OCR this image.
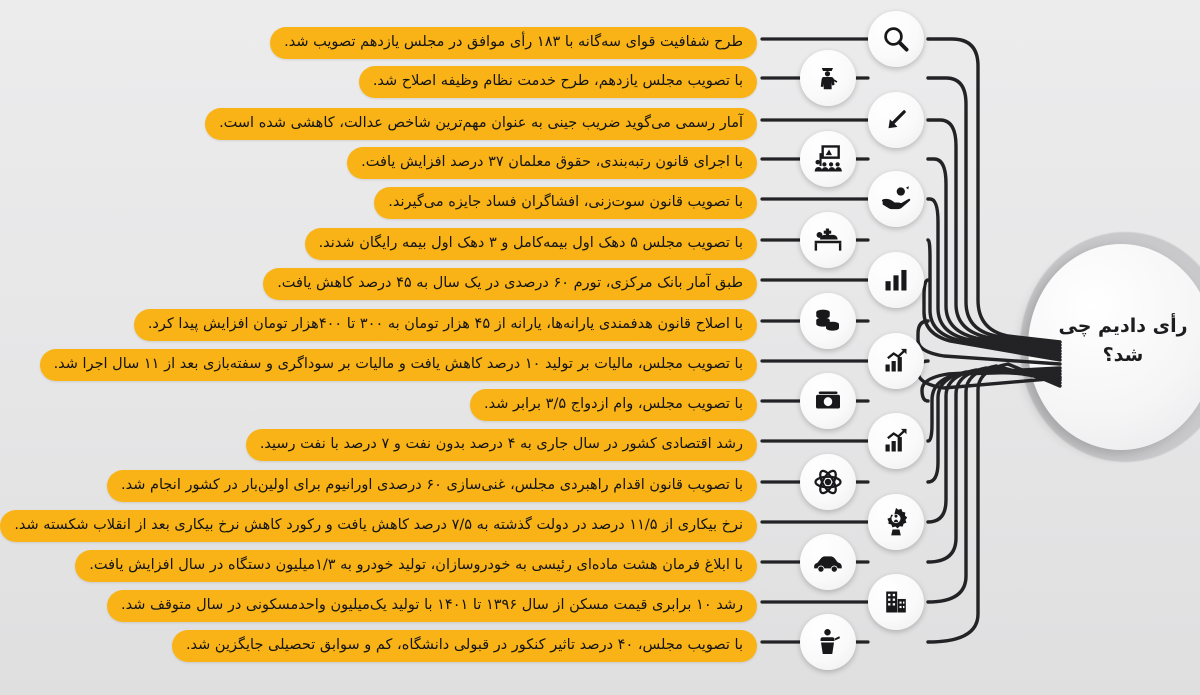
رأی دادیم چی شد؟
طرح شفافیت قوای سه‌گانه با ۱۸۳ رأی موافق در مجلس یازدهم تصویب شد.
با تصویب مجلس یازدهم، طرح خدمت نظام وظیفه اصلاح شد.
آمار رسمی می‌گوید ضریب جینی به عنوان مهم‌ترین شاخص عدالت، کاهشی شده است.
با اجرای قانون رتبه‌بندی، حقوق معلمان ۳۷ درصد افزایش یافت.
با تصویب قانون سوت‌زنی، افشاگران فساد جایزه می‌گیرند.
با تصویب مجلس ۵ دهک اول بیمه‌کامل و ۳ دهک اول بیمه رایگان شدند.
طبق آمار بانک مرکزی، تورم ۶۰ درصدی در یک سال به ۴۵ درصد کاهش یافت.
با اصلاح قانون هدفمندی یارانه‌ها، یارانه از ۴۵ هزار تومان به ۳۰۰ تا ۴۰۰هزار تومان افزایش پیدا کرد.
با تصویب مجلس، مالیات بر تولید ۱۰ درصد کاهش یافت و مالیات بر سوداگری و سفته‌بازی بعد از ۱۱ سال اجرا شد.
با تصویب مجلس، وام ازدواج ۳/۵ برابر شد.
رشد اقتصادی کشور در سال جاری به ۴ درصد بدون نفت و ۷ درصد با نفت رسید.
با تصویب قانون اقدام راهبردی مجلس، غنی‌سازی ۶۰ درصدی اورانیوم برای اولین‌بار در کشور انجام شد.
نرخ بیکاری از ۱۱/۵ درصد در دولت گذشته به ۷/۵ درصد کاهش یافت و رکورد کاهش نرخ بیکاری بعد از انقلاب شکسته شد.
با ابلاغ فرمان هشت ماده‌ای رئیسی به خودروسازان، تولید خودرو به ۱/۳میلیون دستگاه در سال افزایش یافت.
رشد ۱۰ برابری قیمت مسکن از سال ۱۳۹۶ تا ۱۴۰۱ با تولید یک‌میلیون واحدمسکونی در سال متوقف شد.
با تصویب مجلس، ۴۰ درصد تاثیر کنکور در قبولی دانشگاه، کم و سوابق تحصیلی جایگزین شد.
